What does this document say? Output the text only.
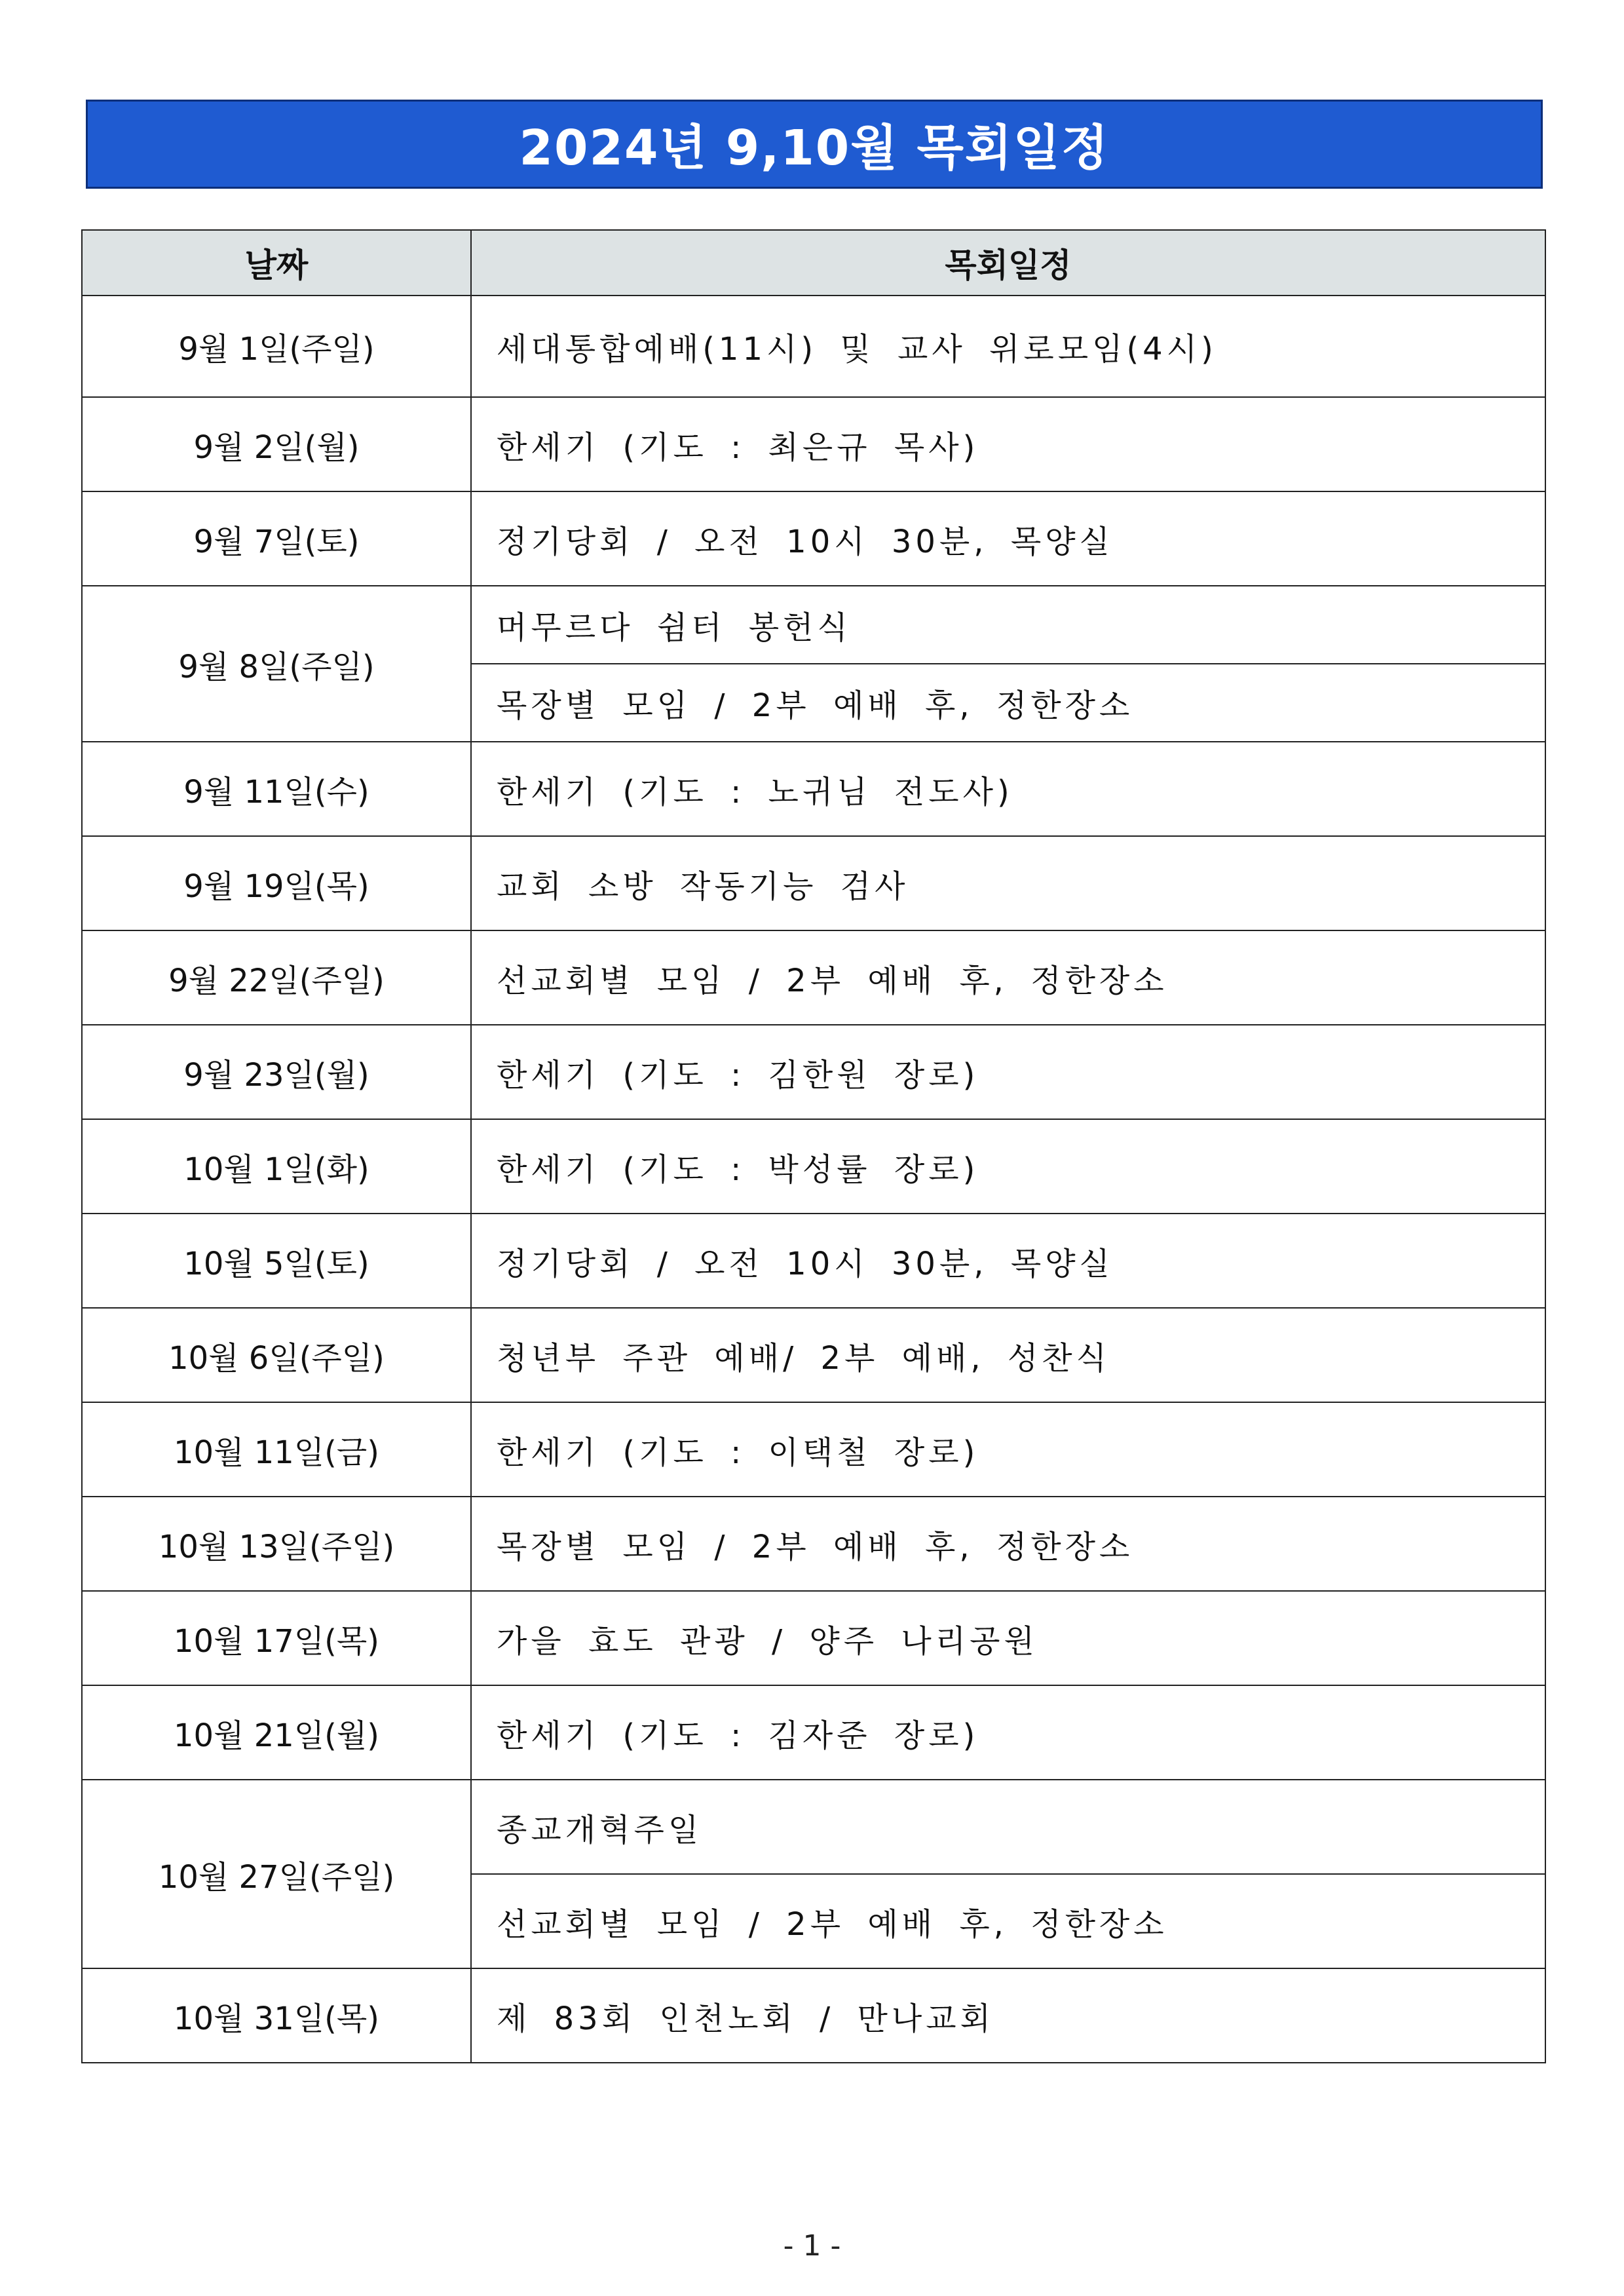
2024년 9,10월 목회일정
날짜	목회일정
9월 1일(주일)	세대통합예배(11시) 및 교사 위로모임(4시)
9월 2일(월)	한세기 (기도 : 최은규 목사)
9월 7일(토)	정기당회 / 오전 10시 30분, 목양실
9월 8일(주일)	머무르다 쉼터 봉헌식
	목장별 모임 / 2부 예배 후, 정한장소
9월 11일(수)	한세기 (기도 : 노귀님 전도사)
9월 19일(목)	교회 소방 작동기능 검사
9월 22일(주일)	선교회별 모임 / 2부 예배 후, 정한장소
9월 23일(월)	한세기 (기도 : 김한원 장로)
10월 1일(화)	한세기 (기도 : 박성률 장로)
10월 5일(토)	정기당회 / 오전 10시 30분, 목양실
10월 6일(주일)	청년부 주관 예배/ 2부 예배, 성찬식
10월 11일(금)	한세기 (기도 : 이택철 장로)
10월 13일(주일)	목장별 모임 / 2부 예배 후, 정한장소
10월 17일(목)	가을 효도 관광 / 양주 나리공원
10월 21일(월)	한세기 (기도 : 김자준 장로)
10월 27일(주일)	종교개혁주일
	선교회별 모임 / 2부 예배 후, 정한장소
10월 31일(목)	제 83회 인천노회 / 만나교회
- 1 -
